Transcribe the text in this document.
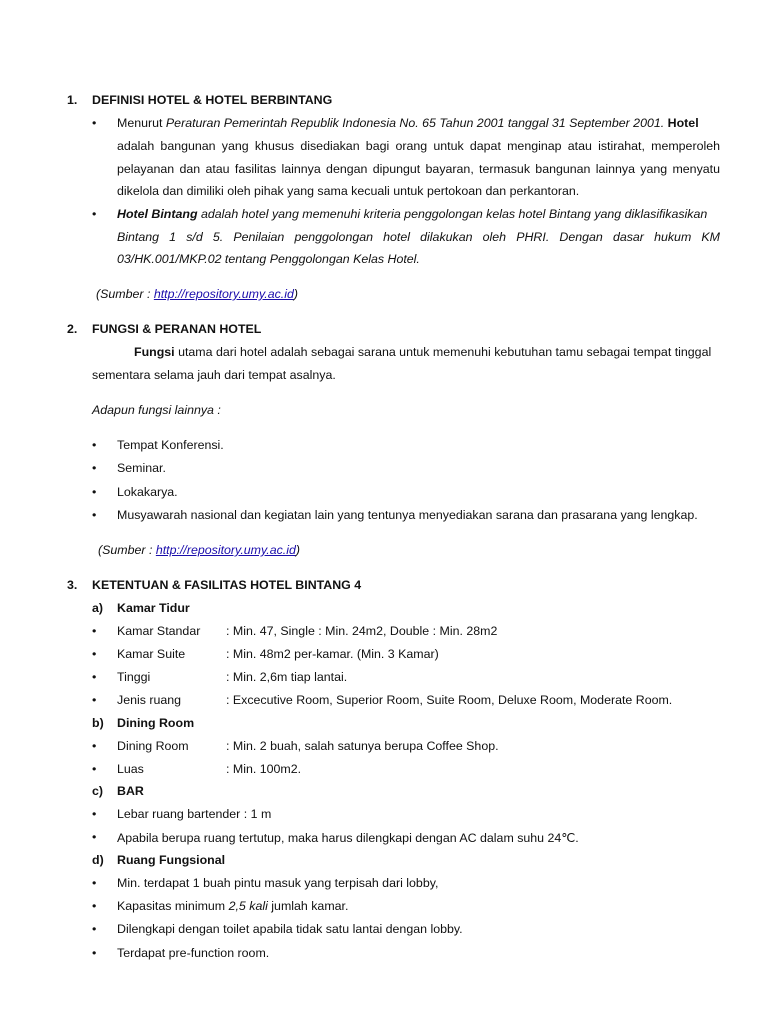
1. DEFINISI HOTEL & HOTEL BERBINTANG
• Menurut Peraturan Pemerintah Republik Indonesia No. 65 Tahun 2001 tanggal 31 September 2001. Hotel
adalah bangunan yang khusus disediakan bagi orang untuk dapat menginap atau istirahat, memperoleh
pelayanan dan atau fasilitas lainnya dengan dipungut bayaran, termasuk bangunan lainnya yang menyatu
dikelola dan dimiliki oleh pihak yang sama kecuali untuk pertokoan dan perkantoran.
• Hotel Bintang adalah hotel yang memenuhi kriteria penggolongan kelas hotel Bintang yang diklasifikasikan
Bintang 1 s/d 5. Penilaian penggolongan hotel dilakukan oleh PHRI. Dengan dasar hukum KM
03/HK.001/MKP.02 tentang Penggolongan Kelas Hotel.
(Sumber : http://repository.umy.ac.id)
2. FUNGSI & PERANAN HOTEL
Fungsi utama dari hotel adalah sebagai sarana untuk memenuhi kebutuhan tamu sebagai tempat tinggal
sementara selama jauh dari tempat asalnya.
Adapun fungsi lainnya :
• Tempat Konferensi.
• Seminar.
• Lokakarya.
• Musyawarah nasional dan kegiatan lain yang tentunya menyediakan sarana dan prasarana yang lengkap.
(Sumber : http://repository.umy.ac.id)
3. KETENTUAN & FASILITAS HOTEL BINTANG 4
a) Kamar Tidur
• Kamar Standar : Min. 47, Single : Min. 24m2, Double : Min. 28m2
• Kamar Suite	: Min. 48m2 per-kamar. (Min. 3 Kamar)
• Tinggi	: Min. 2,6m tiap lantai.
• Jenis ruang	: Excecutive Room, Superior Room, Suite Room, Deluxe Room, Moderate Room.
b) Dining Room
• Dining Room	: Min. 2 buah, salah satunya berupa Coffee Shop.
• Luas	: Min. 100m2.
c) BAR
• Lebar ruang bartender : 1 m
• Apabila berupa ruang tertutup, maka harus dilengkapi dengan AC dalam suhu 24℃.
d) Ruang Fungsional
• Min. terdapat 1 buah pintu masuk yang terpisah dari lobby,
• Kapasitas minimum 2,5 kali jumlah kamar.
• Dilengkapi dengan toilet apabila tidak satu lantai dengan lobby.
• Terdapat pre-function room.
